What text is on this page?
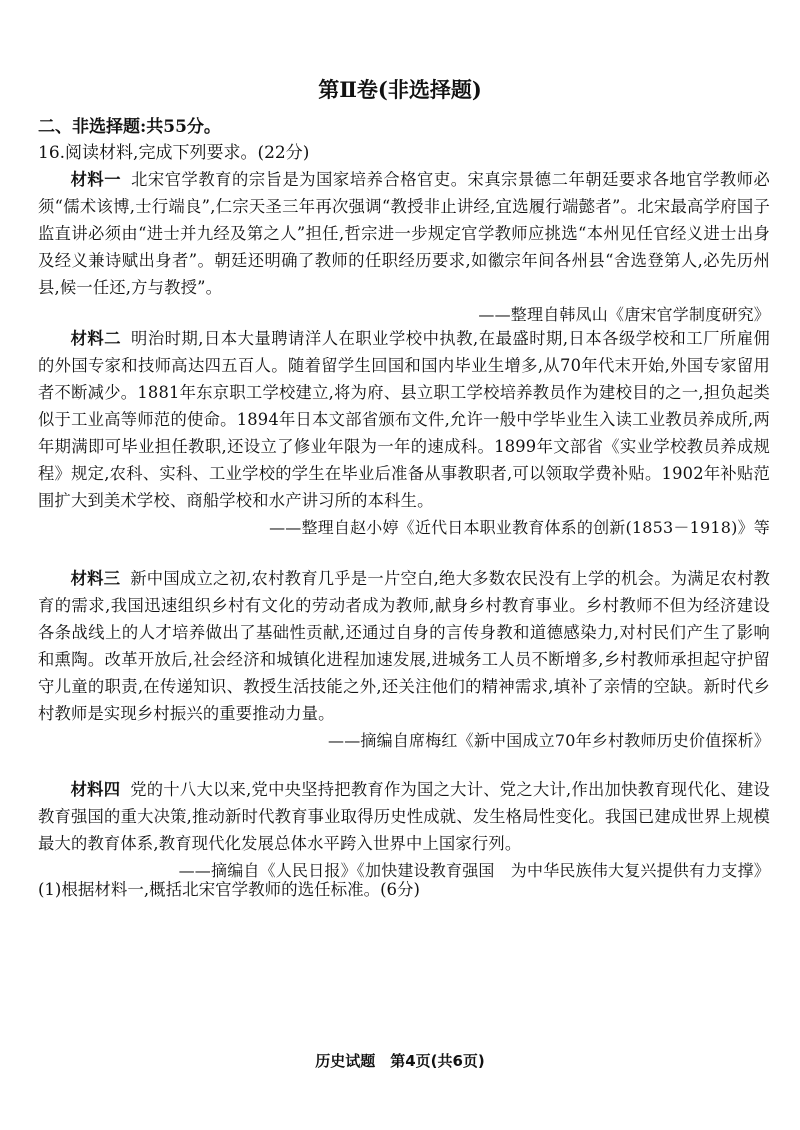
第Ⅱ卷(非选择题)
二、非选择题:共55分。
16.阅读材料,完成下列要求。(22分)

材料一 北宋官学教育的宗旨是为国家培养合格官吏。宋真宗景德二年朝廷要求各地官学教师必须“儒术该博,士行端良”,仁宗天圣三年再次强调“教授非止讲经,宜选履行端懿者”。北宋最高学府国子监直讲必须由“进士并九经及第之人”担任,哲宗进一步规定官学教师应挑选“本州见任官经义进士出身及经义兼诗赋出身者”。朝廷还明确了教师的任职经历要求,如徽宗年间各州县“舍选登第人,必先历州县,候一任还,方与教授”。

——整理自韩凤山《唐宋官学制度研究》

材料二 明治时期,日本大量聘请洋人在职业学校中执教,在最盛时期,日本各级学校和工厂所雇佣的外国专家和技师高达四五百人。随着留学生回国和国内毕业生增多,从70年代末开始,外国专家留用者不断减少。1881年东京职工学校建立,将为府、县立职工学校培养教员作为建校目的之一,担负起类似于工业高等师范的使命。1894年日本文部省颁布文件,允许一般中学毕业生入读工业教员养成所,两年期满即可毕业担任教职,还设立了修业年限为一年的速成科。1899年文部省《实业学校教员养成规程》规定,农科、实科、工业学校的学生在毕业后准备从事教职者,可以领取学费补贴。1902年补贴范围扩大到美术学校、商船学校和水产讲习所的本科生。

——整理自赵小婷《近代日本职业教育体系的创新(1853－1918)》等

材料三 新中国成立之初,农村教育几乎是一片空白,绝大多数农民没有上学的机会。为满足农村教育的需求,我国迅速组织乡村有文化的劳动者成为教师,献身乡村教育事业。乡村教师不但为经济建设各条战线上的人才培养做出了基础性贡献,还通过自身的言传身教和道德感染力,对村民们产生了影响和熏陶。改革开放后,社会经济和城镇化进程加速发展,进城务工人员不断增多,乡村教师承担起守护留守儿童的职责,在传递知识、教授生活技能之外,还关注他们的精神需求,填补了亲情的空缺。新时代乡村教师是实现乡村振兴的重要推动力量。

——摘编自席梅红《新中国成立70年乡村教师历史价值探析》

材料四 党的十八大以来,党中央坚持把教育作为国之大计、党之大计,作出加快教育现代化、建设教育强国的重大决策,推动新时代教育事业取得历史性成就、发生格局性变化。我国已建成世界上规模最大的教育体系,教育现代化发展总体水平跨入世界中上国家行列。

——摘编自《人民日报》《加快建设教育强国　为中华民族伟大复兴提供有力支撑》

(1)根据材料一,概括北宋官学教师的选任标准。(6分)
历史试题　第4页(共6页)
